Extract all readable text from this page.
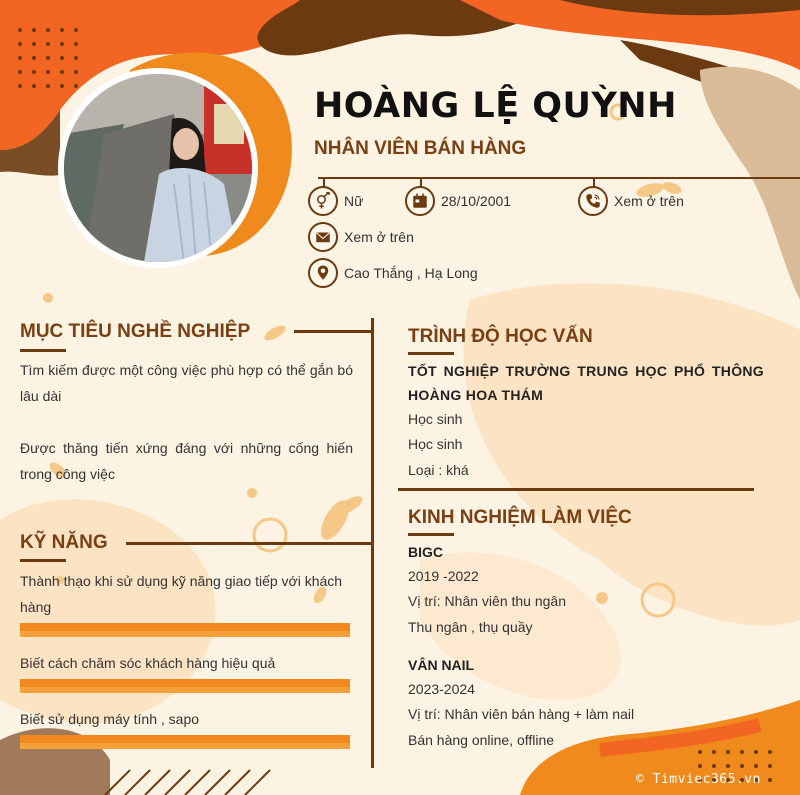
HOÀNG LỆ QUỲNH
NHÂN VIÊN BÁN HÀNG
Nữ	28/10/2001	Xem ở trên
Xem ở trên
Cao Thắng , Hạ Long
MỤC TIÊU NGHỀ NGHIỆP
Tìm kiếm được một công việc phù hợp có thể gắn bó lâu dài
Được thăng tiến xứng đáng với những cống hiến trong công việc
KỸ NĂNG
Thành thạo khi sử dụng kỹ năng giao tiếp với khách hàng
Biết cách chăm sóc khách hàng hiệu quả
Biết sử dụng máy tính , sapo
TRÌNH ĐỘ HỌC VẤN
TỐT NGHIỆP TRƯỜNG TRUNG HỌC PHỔ THÔNG HOÀNG HOA THÁM
Học sinh
Học sinh
Loại : khá
KINH NGHIỆM LÀM VIỆC
BIGC
2019 -2022
Vị trí: Nhân viên thu ngân
Thu ngân , thụ quầy
VÂN NAIL
2023-2024
Vị trí: Nhân viên bán hàng + làm nail
Bán hàng online, offline
© Timviec365.vn
